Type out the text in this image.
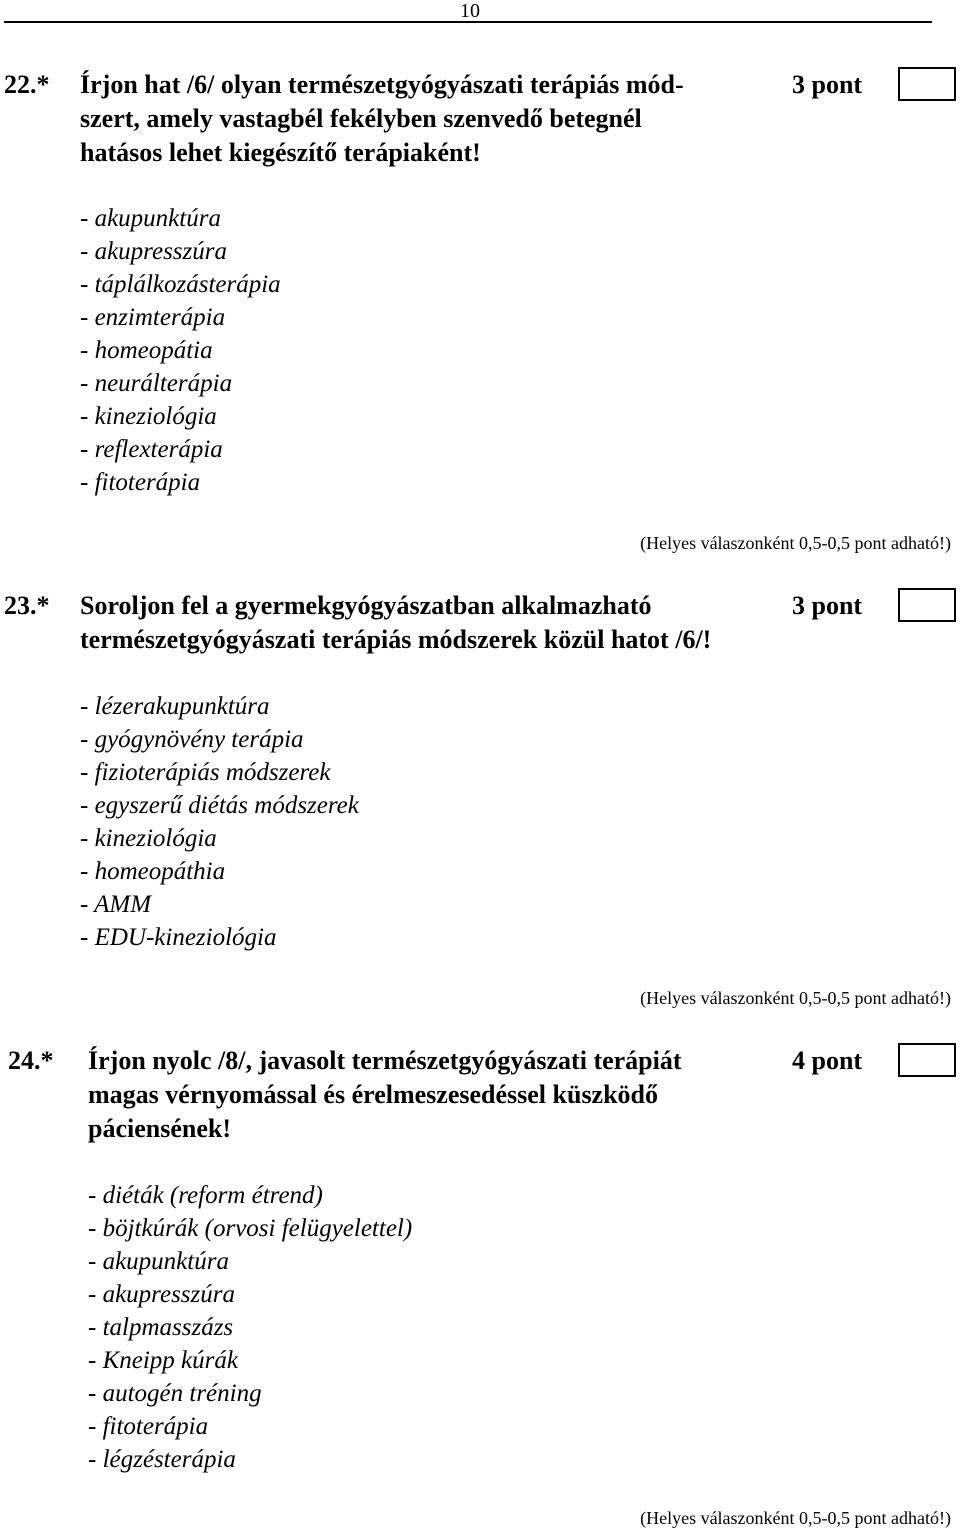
10
22.* Írjon hat /6/ olyan természetgyógyászati terápiás mód-
szert, amely vastagbél fekélyben szenvedő betegnél
hatásos lehet kiegészítő terápiaként!
3 pont
- akupunktúra
- akupresszúra
- táplálkozásterápia
- enzimterápia
- homeopátia
- neurálterápia
- kineziológia
- reflexterápia
- fitoterápia
(Helyes válaszonként 0,5-0,5 pont adható!)
23.* Soroljon fel a gyermekgyógyászatban alkalmazható
természetgyógyászati terápiás módszerek közül hatot /6/!
3 pont
- lézerakupunktúra
- gyógynövény terápia
- fizioterápiás módszerek
- egyszerű diétás módszerek
- kineziológia
- homeopáthia
- AMM
- EDU-kineziológia
(Helyes válaszonként 0,5-0,5 pont adható!)
24.* Írjon nyolc /8/, javasolt természetgyógyászati terápiát
magas vérnyomással és érelmeszesedéssel küszködő
páciensének!
4 pont
- diéták (reform étrend)
- böjtkúrák (orvosi felügyelettel)
- akupunktúra
- akupresszúra
- talpmasszázs
- Kneipp kúrák
- autogén tréning
- fitoterápia
- légzésterápia
(Helyes válaszonként 0,5-0,5 pont adható!)
